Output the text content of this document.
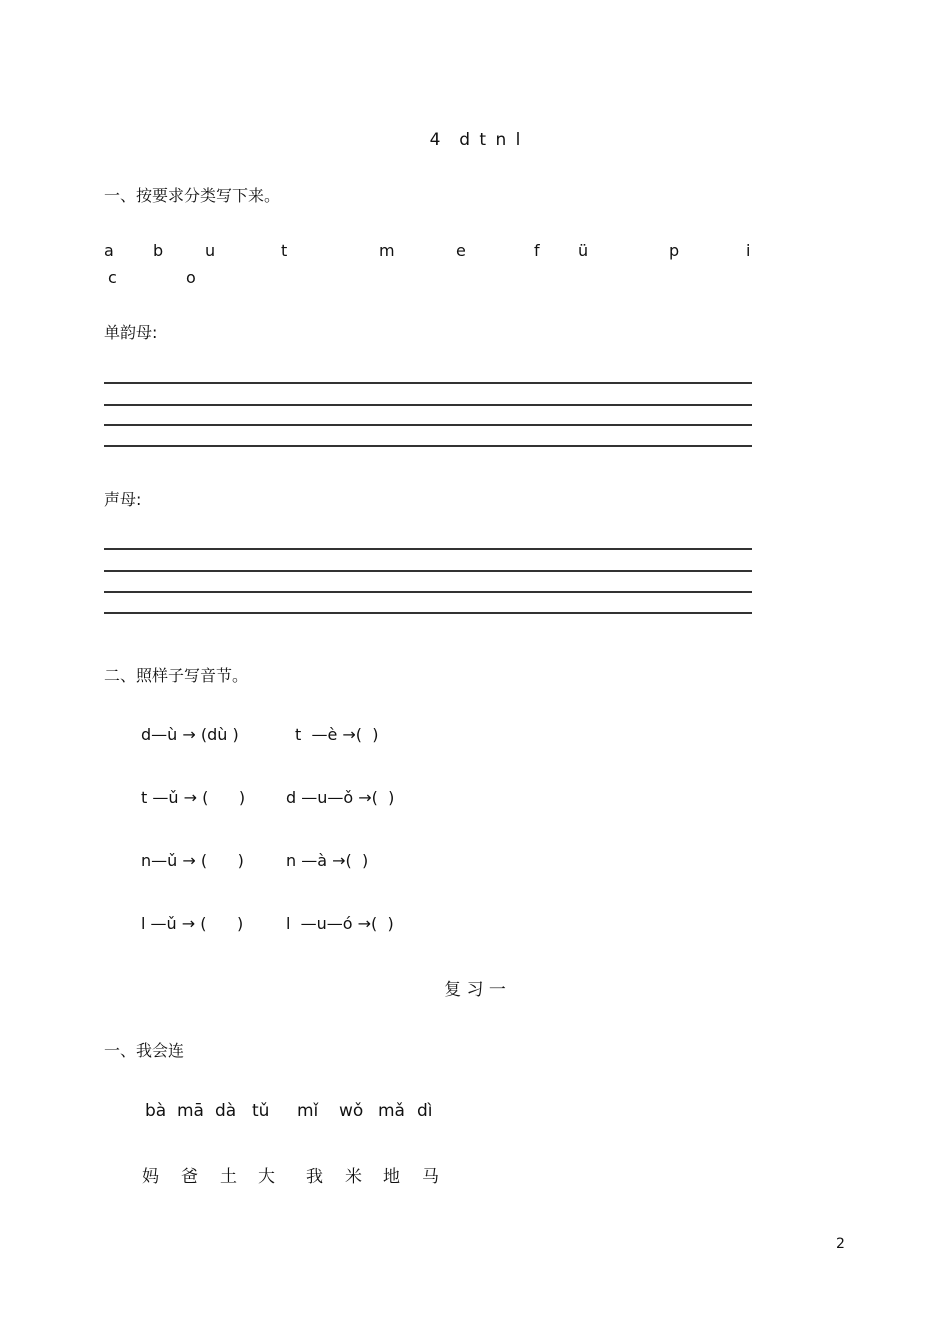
4  d t n l
一、按要求分类写下来。
a b	u	t	m	e	f ü	p	i
c	o
单韵母:
声母:
二、照样子写音节。
d—ù → (dù )	t  —è →(  )
t —ǔ → (      )	d —u—ǒ →(  )
n—ǔ → (      )	n —à →(  )
l —ǔ → (      )	l  —u—ó →(  )
复 习 一
一、我会连
bà mā dà tǔ mǐ wǒ mǎ dì
妈 爸 土 大 我 米 地 马
2
